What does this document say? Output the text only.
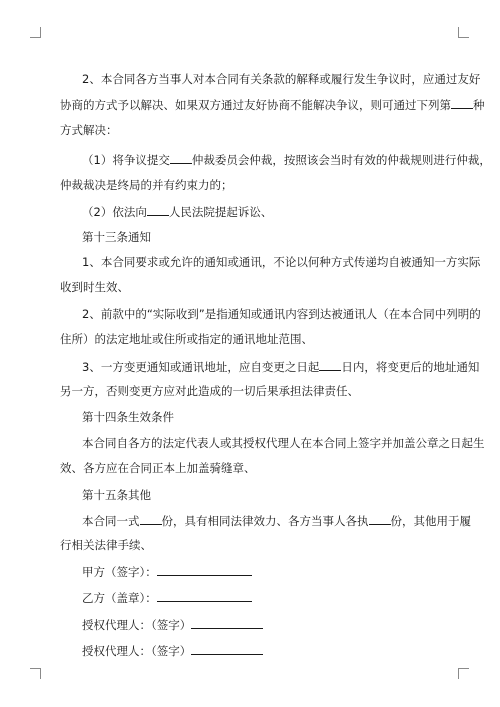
2、本合同各方当事人对本合同有关条款的解释或履行发生争议时，应通过友好
协商的方式予以解决、如果双方通过友好协商不能解决争议，则可通过下列第 种
方式解决：
（1）将争议提交 仲裁委员会仲裁，按照该会当时有效的仲裁规则进行仲裁，
仲裁裁决是终局的并有约束力的；
（2）依法向 人民法院提起诉讼、
第十三条通知
1、本合同要求或允许的通知或通讯，不论以何种方式传递均自被通知一方实际
收到时生效、
2、前款中的“实际收到”是指通知或通讯内容到达被通讯人（在本合同中列明的
住所）的法定地址或住所或指定的通讯地址范围、
3、一方变更通知或通讯地址，应自变更之日起 日内，将变更后的地址通知
另一方，否则变更方应对此造成的一切后果承担法律责任、
第十四条生效条件
本合同自各方的法定代表人或其授权代理人在本合同上签字并加盖公章之日起生
效、各方应在合同正本上加盖骑缝章、
第十五条其他
本合同一式 份，具有相同法律效力、各方当事人各执 份，其他用于履
行相关法律手续、
甲方（签字）：
乙方（盖章）：
授权代理人：（签字）
授权代理人：（签字）
